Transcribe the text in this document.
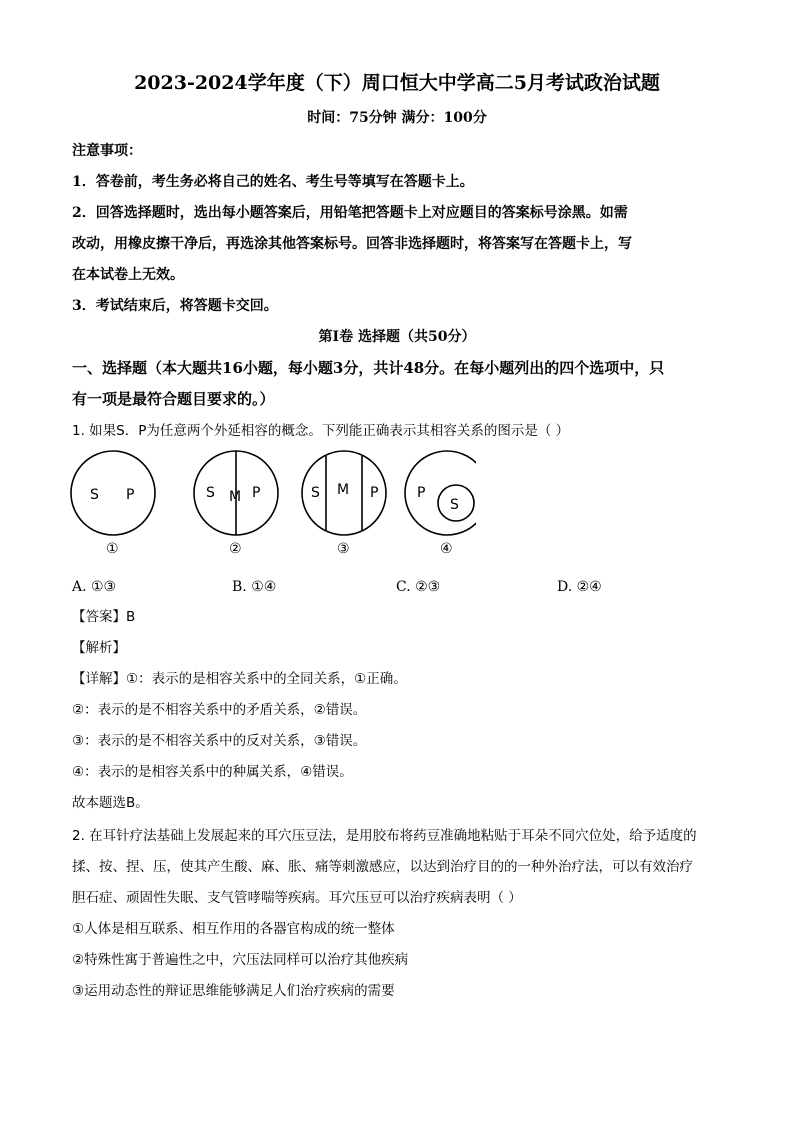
2023-2024学年度（下）周口恒大中学高二5月考试政治试题
时间：75分钟 满分：100分
注意事项：
1．答卷前，考生务必将自己的姓名、考生号等填写在答题卡上。
2．回答选择题时，选出每小题答案后，用铅笔把答题卡上对应题目的答案标号涂黑。如需
改动，用橡皮擦干净后，再选涂其他答案标号。回答非选择题时，将答案写在答题卡上，写
在本试卷上无效。
3．考试结束后，将答题卡交回。
第Ⅰ卷 选择题（共50分）
一、选择题（本大题共16小题，每小题3分，共计48分。在每小题列出的四个选项中，只
有一项是最符合题目要求的。）
1. 如果S．P为任意两个外延相容的概念。下列能正确表示其相容关系的图示是（ ）
S P
①
S M P
②
S M P
③
P
S
④
A. ①③	B. ①④	C. ②③	D. ②④
【答案】B
【解析】
【详解】①：表示的是相容关系中的全同关系，①正确。
②：表示的是不相容关系中的矛盾关系，②错误。
③：表示的是不相容关系中的反对关系，③错误。
④：表示的是相容关系中的种属关系，④错误。
故本题选B。
2. 在耳针疗法基础上发展起来的耳穴压豆法，是用胶布将药豆准确地粘贴于耳朵不同穴位处，给予适度的
揉、按、捏、压，使其产生酸、麻、胀、痛等刺激感应，以达到治疗目的的一种外治疗法，可以有效治疗
胆石症、顽固性失眠、支气管哮喘等疾病。耳穴压豆可以治疗疾病表明（ ）
①人体是相互联系、相互作用的各器官构成的统一整体
②特殊性寓于普遍性之中，穴压法同样可以治疗其他疾病
③运用动态性的辩证思维能够满足人们治疗疾病的需要
